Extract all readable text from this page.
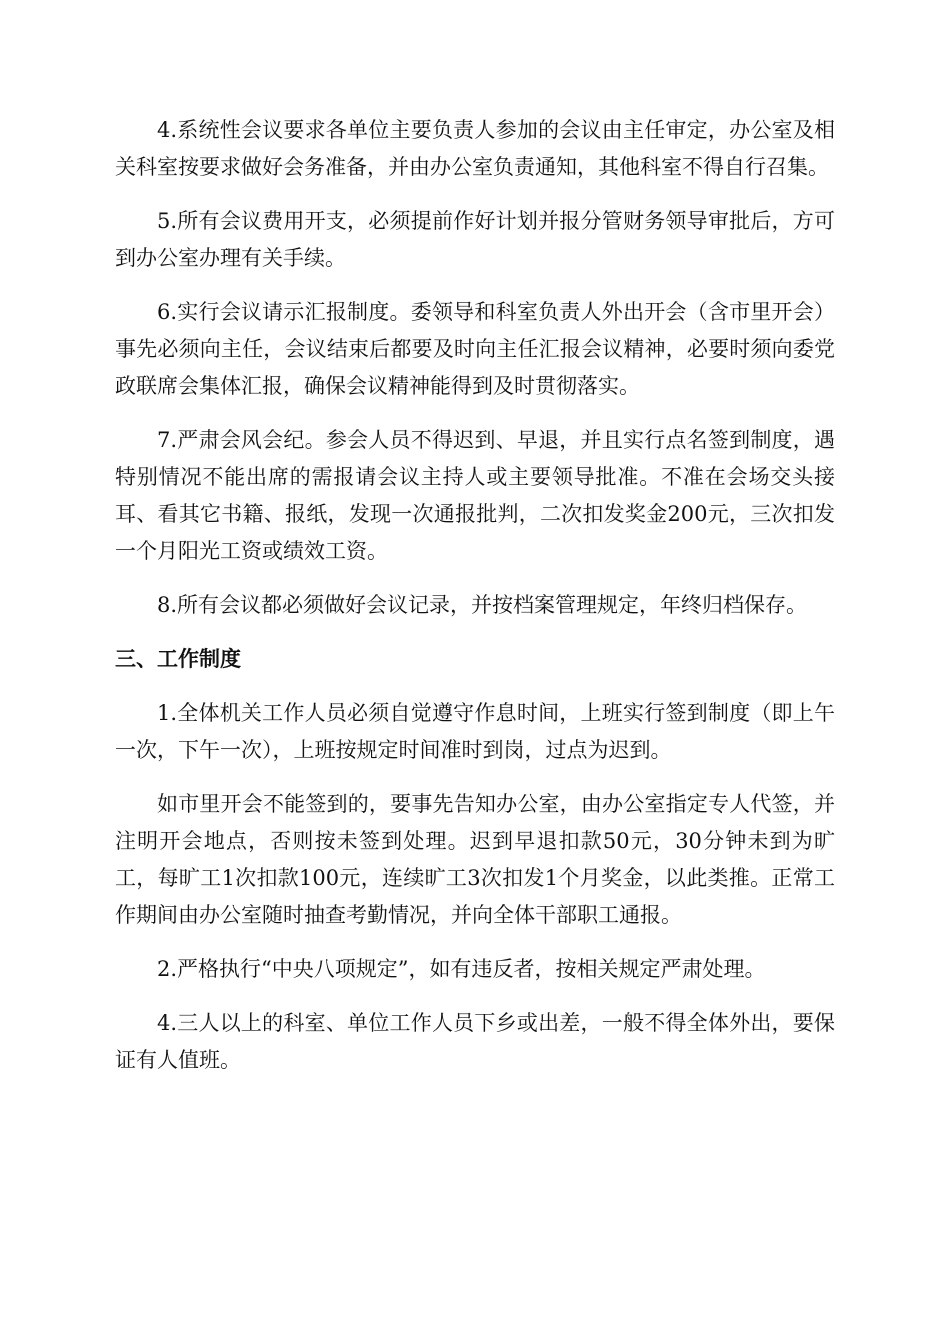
4.系统性会议要求各单位主要负责人参加的会议由主任审定，办公室及相关科室按要求做好会务准备，并由办公室负责通知，其他科室不得自行召集。

5.所有会议费用开支，必须提前作好计划并报分管财务领导审批后，方可到办公室办理有关手续。

6.实行会议请示汇报制度。委领导和科室负责人外出开会（含市里开会）事先必须向主任，会议结束后都要及时向主任汇报会议精神，必要时须向委党政联席会集体汇报，确保会议精神能得到及时贯彻落实。

7.严肃会风会纪。参会人员不得迟到、早退，并且实行点名签到制度，遇特别情况不能出席的需报请会议主持人或主要领导批准。不准在会场交头接耳、看其它书籍、报纸，发现一次通报批判，二次扣发奖金200元，三次扣发一个月阳光工资或绩效工资。

8.所有会议都必须做好会议记录，并按档案管理规定，年终归档保存。

三、工作制度

1.全体机关工作人员必须自觉遵守作息时间，上班实行签到制度（即上午一次，下午一次），上班按规定时间准时到岗，过点为迟到。

如市里开会不能签到的，要事先告知办公室，由办公室指定专人代签，并注明开会地点，否则按未签到处理。迟到早退扣款50元，30分钟未到为旷工，每旷工1次扣款100元，连续旷工3次扣发1个月奖金，以此类推。正常工作期间由办公室随时抽查考勤情况，并向全体干部职工通报。

2.严格执行“中央八项规定”，如有违反者，按相关规定严肃处理。

4.三人以上的科室、单位工作人员下乡或出差，一般不得全体外出，要保证有人值班。
